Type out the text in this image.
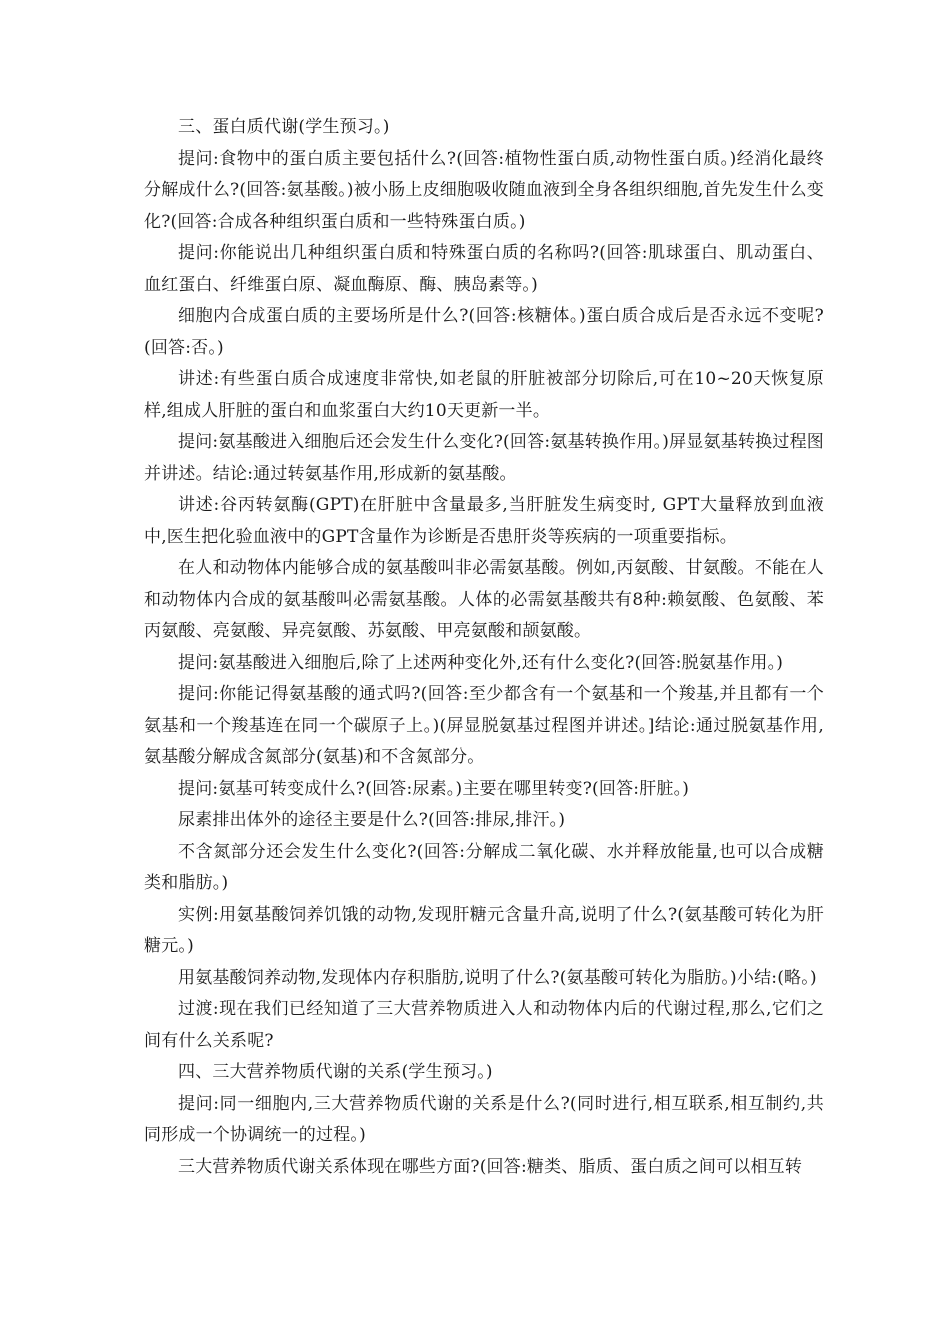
三、蛋白质代谢(学生预习。)

提问:食物中的蛋白质主要包括什么?(回答:植物性蛋白质,动物性蛋白质。)经消化最终分解成什么?(回答:氨基酸。)被小肠上皮细胞吸收随血液到全身各组织细胞,首先发生什么变化?(回答:合成各种组织蛋白质和一些特殊蛋白质。)

提问:你能说出几种组织蛋白质和特殊蛋白质的名称吗?(回答:肌球蛋白、肌动蛋白、血红蛋白、纤维蛋白原、凝血酶原、酶、胰岛素等。)

细胞内合成蛋白质的主要场所是什么?(回答:核糖体。)蛋白质合成后是否永远不变呢?(回答:否。)

讲述:有些蛋白质合成速度非常快,如老鼠的肝脏被部分切除后,可在10~20天恢复原样,组成人肝脏的蛋白和血浆蛋白大约10天更新一半。

提问:氨基酸进入细胞后还会发生什么变化?(回答:氨基转换作用。)屏显氨基转换过程图并讲述。结论:通过转氨基作用,形成新的氨基酸。

讲述:谷丙转氨酶(GPT)在肝脏中含量最多,当肝脏发生病变时, GPT大量释放到血液中,医生把化验血液中的GPT含量作为诊断是否患肝炎等疾病的一项重要指标。

在人和动物体内能够合成的氨基酸叫非必需氨基酸。例如,丙氨酸、甘氨酸。不能在人和动物体内合成的氨基酸叫必需氨基酸。人体的必需氨基酸共有8种:赖氨酸、色氨酸、苯丙氨酸、亮氨酸、异亮氨酸、苏氨酸、甲亮氨酸和颉氨酸。

提问:氨基酸进入细胞后,除了上述两种变化外,还有什么变化?(回答:脱氨基作用。)

提问:你能记得氨基酸的通式吗?(回答:至少都含有一个氨基和一个羧基,并且都有一个氨基和一个羧基连在同一个碳原子上。)(屏显脱氨基过程图并讲述。]结论:通过脱氨基作用,氨基酸分解成含氮部分(氨基)和不含氮部分。

提问:氨基可转变成什么?(回答:尿素。)主要在哪里转变?(回答:肝脏。)

尿素排出体外的途径主要是什么?(回答:排尿,排汗。)

不含氮部分还会发生什么变化?(回答:分解成二氧化碳、水并释放能量,也可以合成糖类和脂肪。)

实例:用氨基酸饲养饥饿的动物,发现肝糖元含量升高,说明了什么?(氨基酸可转化为肝糖元。)

用氨基酸饲养动物,发现体内存积脂肪,说明了什么?(氨基酸可转化为脂肪。)小结:(略。)

过渡:现在我们已经知道了三大营养物质进入人和动物体内后的代谢过程,那么,它们之间有什么关系呢?

四、三大营养物质代谢的关系(学生预习。)

提问:同一细胞内,三大营养物质代谢的关系是什么?(同时进行,相互联系,相互制约,共同形成一个协调统一的过程。)

三大营养物质代谢关系体现在哪些方面?(回答:糖类、脂质、蛋白质之间可以相互转
